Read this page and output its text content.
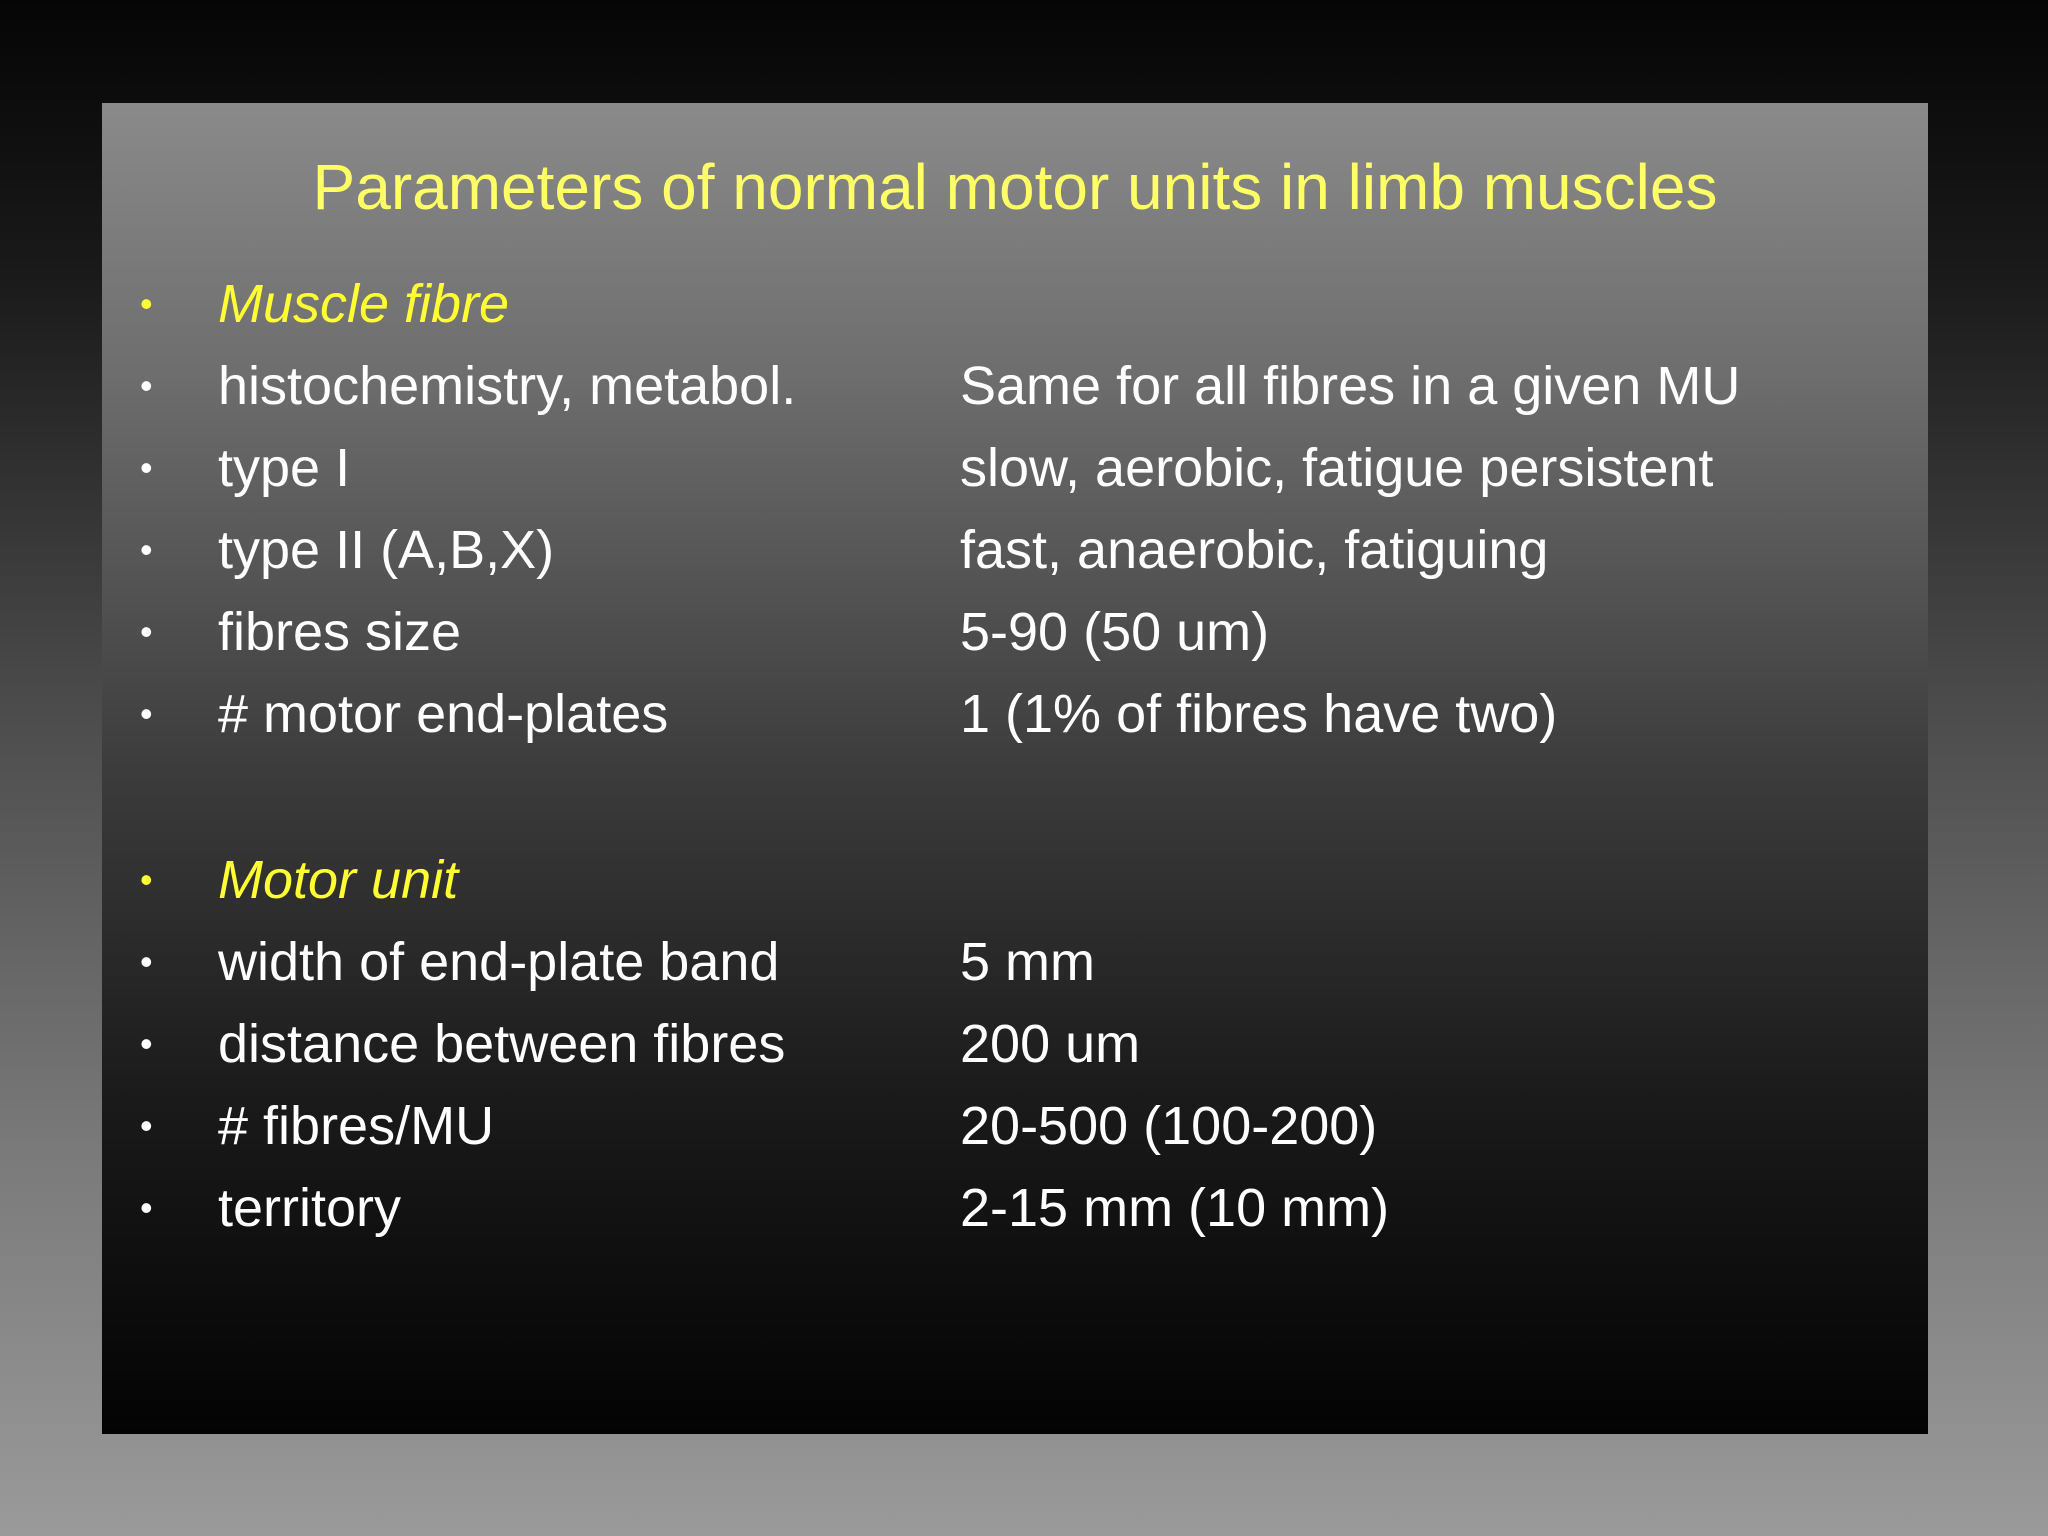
Parameters of normal motor units in limb muscles
• Muscle fibre
• histochemistry, metabol.	Same for all fibres in a given MU
• type I	slow, aerobic, fatigue persistent
• type II (A,B,X)	fast, anaerobic, fatiguing
• fibres size	5-90 (50 um)
• # motor end-plates	1 (1% of fibres have two)
• Motor unit
• width of end-plate band	5 mm
• distance between fibres	200 um
• # fibres/MU	20-500 (100-200)
• territory	2-15 mm (10 mm)
